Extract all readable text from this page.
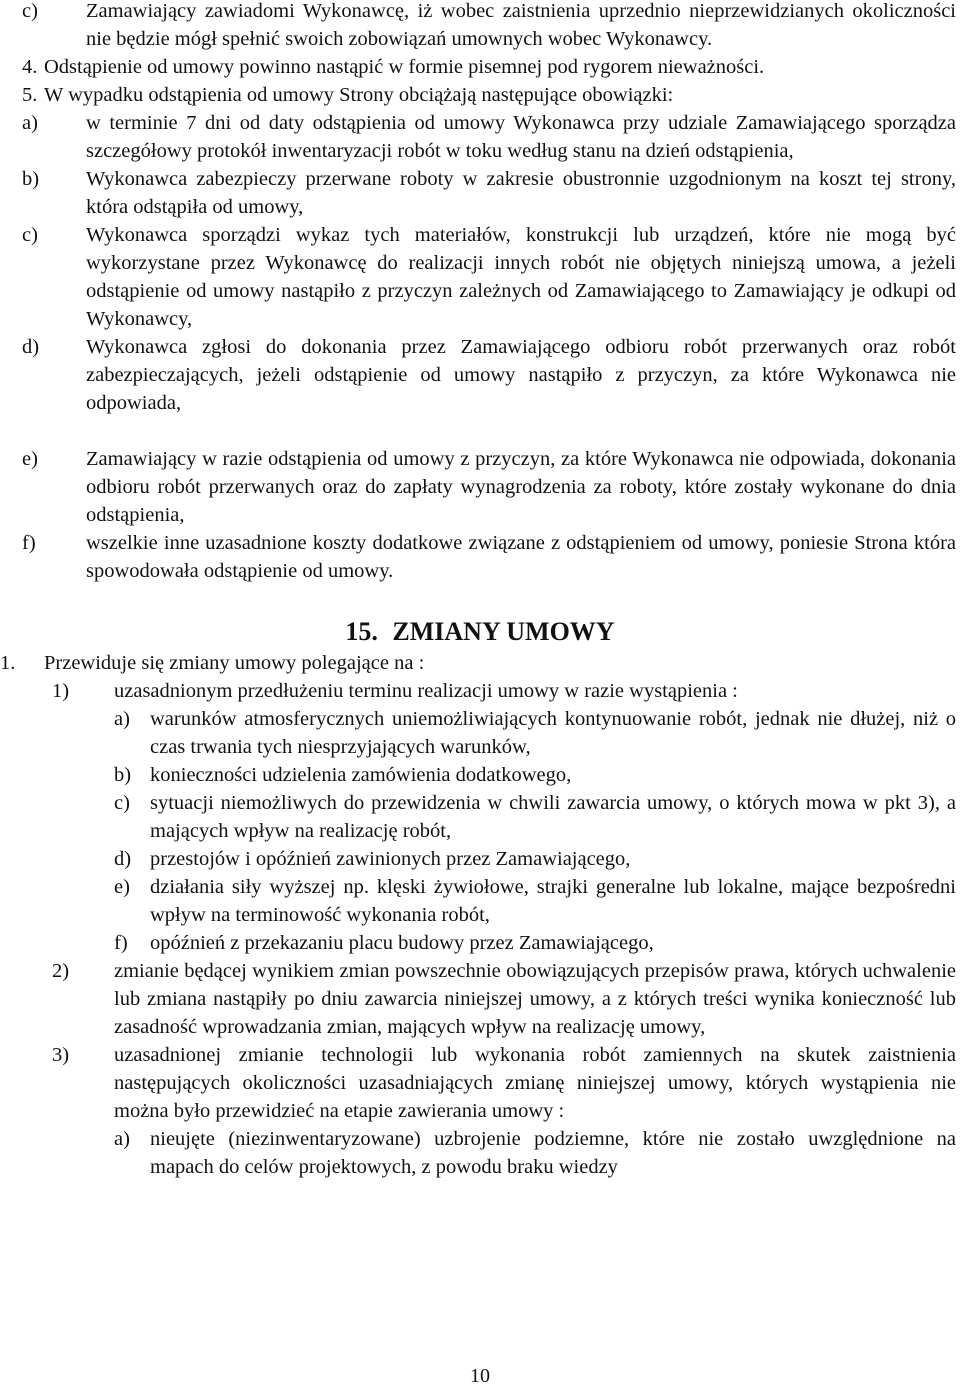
c) Zamawiający zawiadomi Wykonawcę, iż wobec zaistnienia uprzednio nieprzewidzianych okoliczności nie będzie mógł spełnić swoich zobowiązań umownych wobec Wykonawcy.

4. Odstąpienie od umowy powinno nastąpić w formie pisemnej pod rygorem nieważności.

5. W wypadku odstąpienia od umowy Strony obciążają następujące obowiązki:

a) w terminie 7 dni od daty odstąpienia od umowy Wykonawca przy udziale Zamawiającego sporządza szczegółowy protokół inwentaryzacji robót w toku według stanu na dzień odstąpienia,

b) Wykonawca zabezpieczy przerwane roboty w zakresie obustronnie uzgodnionym na koszt tej strony, która odstąpiła od umowy,

c) Wykonawca sporządzi wykaz tych materiałów, konstrukcji lub urządzeń, które nie mogą być wykorzystane przez Wykonawcę do realizacji innych robót nie objętych niniejszą umowa, a jeżeli odstąpienie od umowy nastąpiło z przyczyn zależnych od Zamawiającego to Zamawiający je odkupi od Wykonawcy,

d) Wykonawca zgłosi do dokonania przez Zamawiającego odbioru robót przerwanych oraz robót zabezpieczających, jeżeli odstąpienie od umowy nastąpiło z przyczyn, za które Wykonawca nie odpowiada,

e) Zamawiający w razie odstąpienia od umowy z przyczyn, za które Wykonawca nie odpowiada, dokonania odbioru robót przerwanych oraz do zapłaty wynagrodzenia za roboty, które zostały wykonane do dnia odstąpienia,

f) wszelkie inne uzasadnione koszty dodatkowe związane z odstąpieniem od umowy, poniesie Strona która spowodowała odstąpienie od umowy.

15. ZMIANY UMOWY

1. Przewiduje się zmiany umowy polegające na :

1) uzasadnionym przedłużeniu terminu realizacji umowy w razie wystąpienia :

a) warunków atmosferycznych uniemożliwiających kontynuowanie robót, jednak nie dłużej, niż o czas trwania tych niesprzyjających warunków,

b) konieczności udzielenia zamówienia dodatkowego,

c) sytuacji niemożliwych do przewidzenia w chwili zawarcia umowy, o których mowa w pkt 3), a mających wpływ na realizację robót,

d) przestojów i opóźnień zawinionych przez Zamawiającego,

e) działania siły wyższej np. klęski żywiołowe, strajki generalne lub lokalne, mające bezpośredni wpływ na terminowość wykonania robót,

f) opóźnień z przekazaniu placu budowy przez Zamawiającego,

2) zmianie będącej wynikiem zmian powszechnie obowiązujących przepisów prawa, których uchwalenie lub zmiana nastąpiły po dniu zawarcia niniejszej umowy, a z których treści wynika konieczność lub zasadność wprowadzania zmian, mających wpływ na realizację umowy,

3) uzasadnionej zmianie technologii lub wykonania robót zamiennych na skutek zaistnienia następujących okoliczności uzasadniających zmianę niniejszej umowy, których wystąpienia nie można było przewidzieć na etapie zawierania umowy :

a) nieujęte (niezinwentaryzowane) uzbrojenie podziemne, które nie zostało uwzględnione na mapach do celów projektowych, z powodu braku wiedzy

10
